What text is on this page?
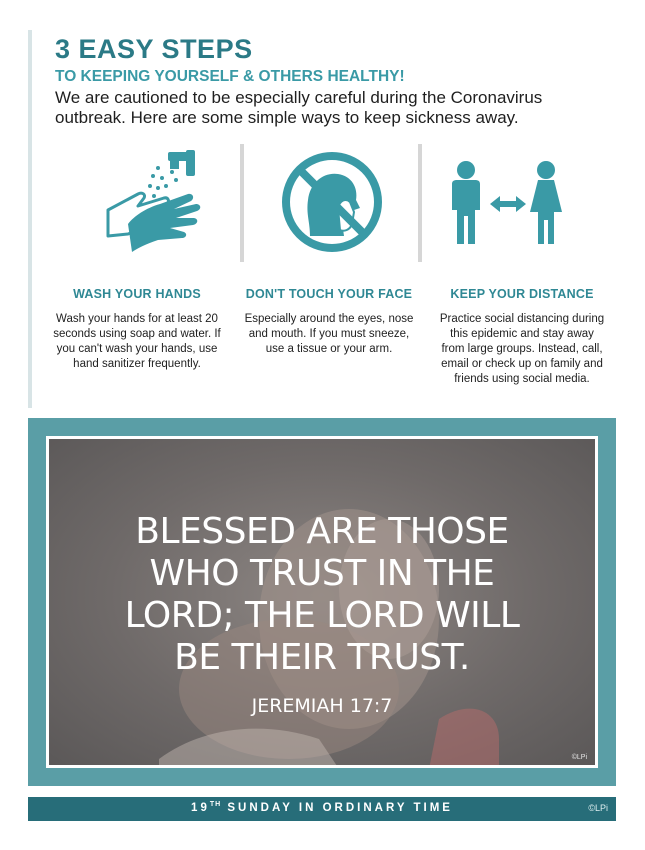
3 EASY STEPS
TO KEEPING YOURSELF & OTHERS HEALTHY!
We are cautioned to be especially careful during the Coronavirus outbreak. Here are some simple ways to keep sickness away.
WASH YOUR HANDS	DON'T TOUCH YOUR FACE	KEEP YOUR DISTANCE
Wash your hands for at least 20 seconds using soap and water. If you can't wash your hands, use hand sanitizer frequently.
Especially around the eyes, nose and mouth. If you must sneeze, use a tissue or your arm.
Practice social distancing during this epidemic and stay away from large groups. Instead, call, email or check up on family and friends using social media.
BLESSED ARE THOSE
WHO TRUST IN THE
LORD; THE LORD WILL
BE THEIR TRUST.
JEREMIAH 17:7
©LPi
19TH SUNDAY IN ORDINARY TIME	©LPi
